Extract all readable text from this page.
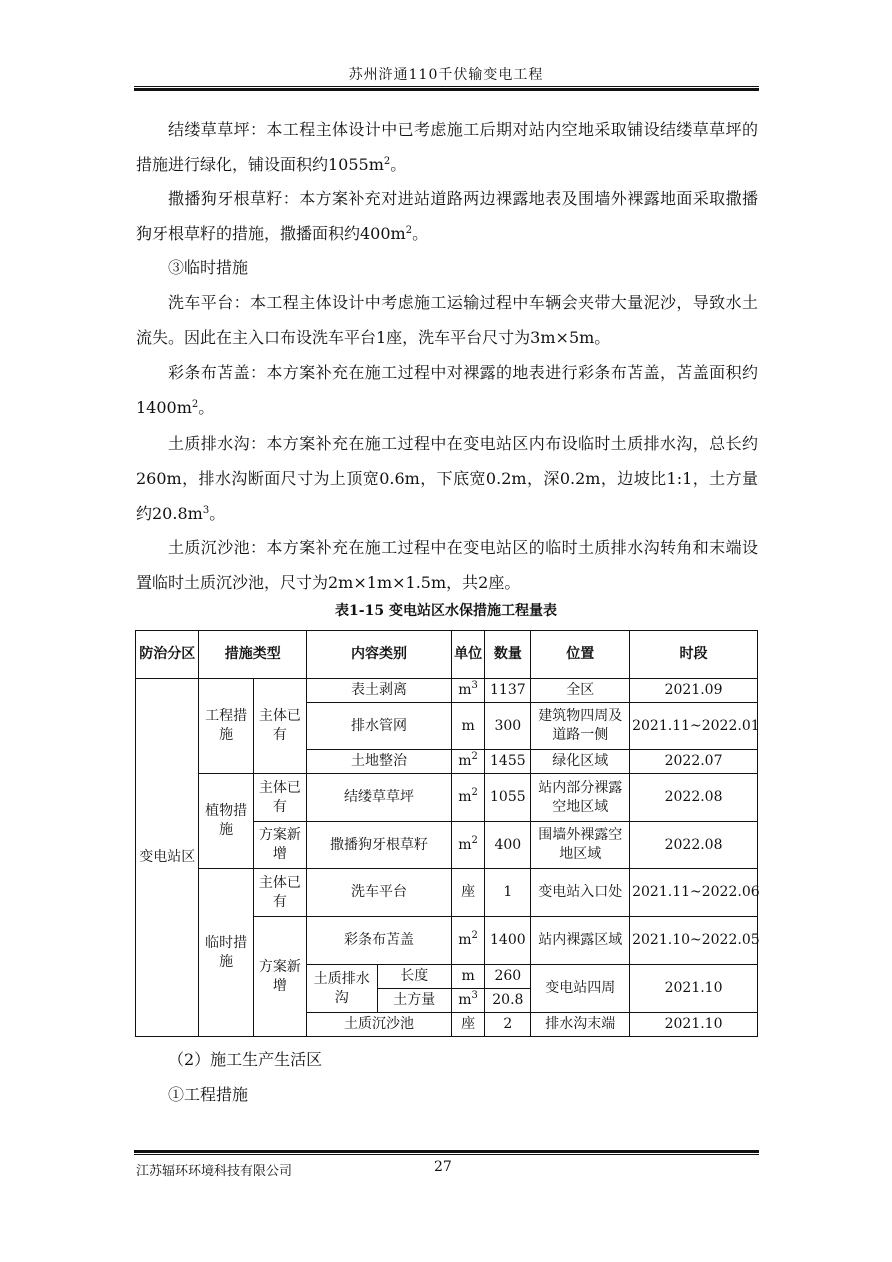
苏州浒通110千伏输变电工程

结缕草草坪：本工程主体设计中已考虑施工后期对站内空地采取铺设结缕草草坪的措施进行绿化，铺设面积约$1055m^2$。

撒播狗牙根草籽：本方案补充对进站道路两边裸露地表及围墙外裸露地面采取撒播狗牙根草籽的措施，撒播面积约$400m^2$。

③临时措施

洗车平台：本工程主体设计中考虑施工运输过程中车辆会夹带大量泥沙，导致水土流失。因此在主入口布设洗车平台1座，洗车平台尺寸为3m×5m。

彩条布苫盖：本方案补充在施工过程中对裸露的地表进行彩条布苫盖，苫盖面积约$1400m^2$。

土质排水沟：本方案补充在施工过程中在变电站区内布设临时土质排水沟，总长约260m，排水沟断面尺寸为上顶宽0.6m，下底宽0.2m，深0.2m，边坡比1:1，土方量约$20.8m^3$。

土质沉沙池：本方案补充在施工过程中在变电站区的临时土质排水沟转角和末端设置临时土质沉沙池，尺寸为2m×1m×1.5m，共2座。

表1-15 变电站区水保措施工程量表
防治分区	措施类型		内容类别		单位	数量	位置	时段
变电站区	工程措施	主体已有	表土剥离		$m^3$	1137	全区	2021.09
			排水管网		m	300	建筑物四周及道路一侧	2021.11~2022.01
			土地整治		$m^2$	1455	绿化区域	2022.07
	植物措施	主体已有	结缕草草坪		$m^2$	1055	站内部分裸露空地区域	2022.08
		方案新增	撒播狗牙根草籽		$m^2$	400	围墙外裸露空地区域	2022.08
	临时措施	主体已有	洗车平台		座	1	变电站入口处	2021.11~2022.06
		方案新增	彩条布苫盖		$m^2$	1400	站内裸露区域	2021.10~2022.05
			土质排水沟	长度	m	260	变电站四周	2021.10
				土方量	$m^3$	20.8		
			土质沉沙池		座	2	排水沟末端	2021.10

（2）施工生产生活区

①工程措施

江苏辐环环境科技有限公司	27
